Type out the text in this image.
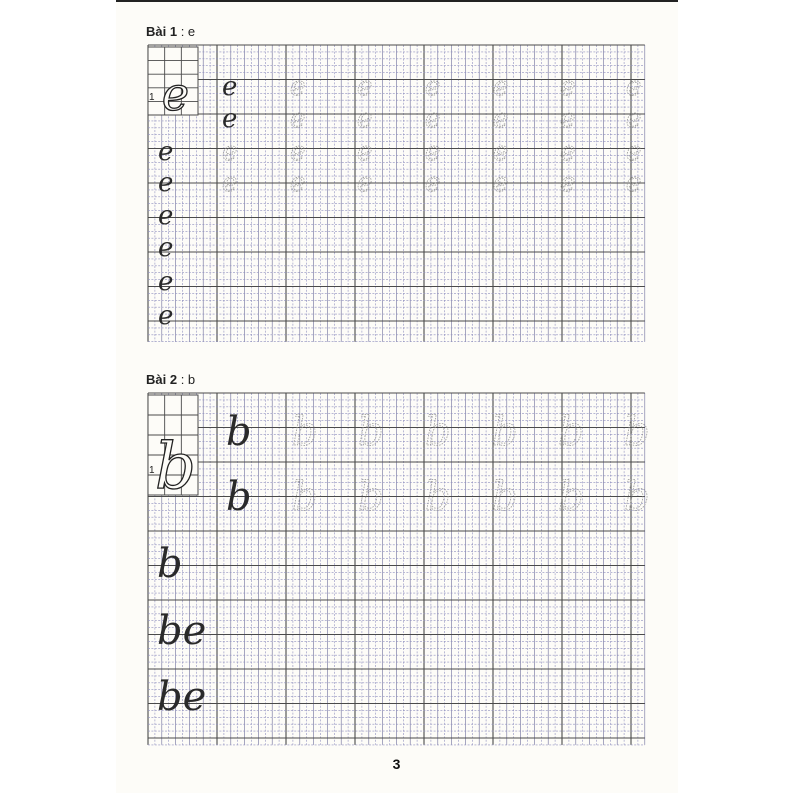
Bài 1 : e
Bài 2 : b
e
1	e e e e e e e
e e e e e e e
e e e e e e e
e e e e e e e
e
e
e
e
e
e
b
1
b b b b b b b
b b b b b b b
b
be
be
3
